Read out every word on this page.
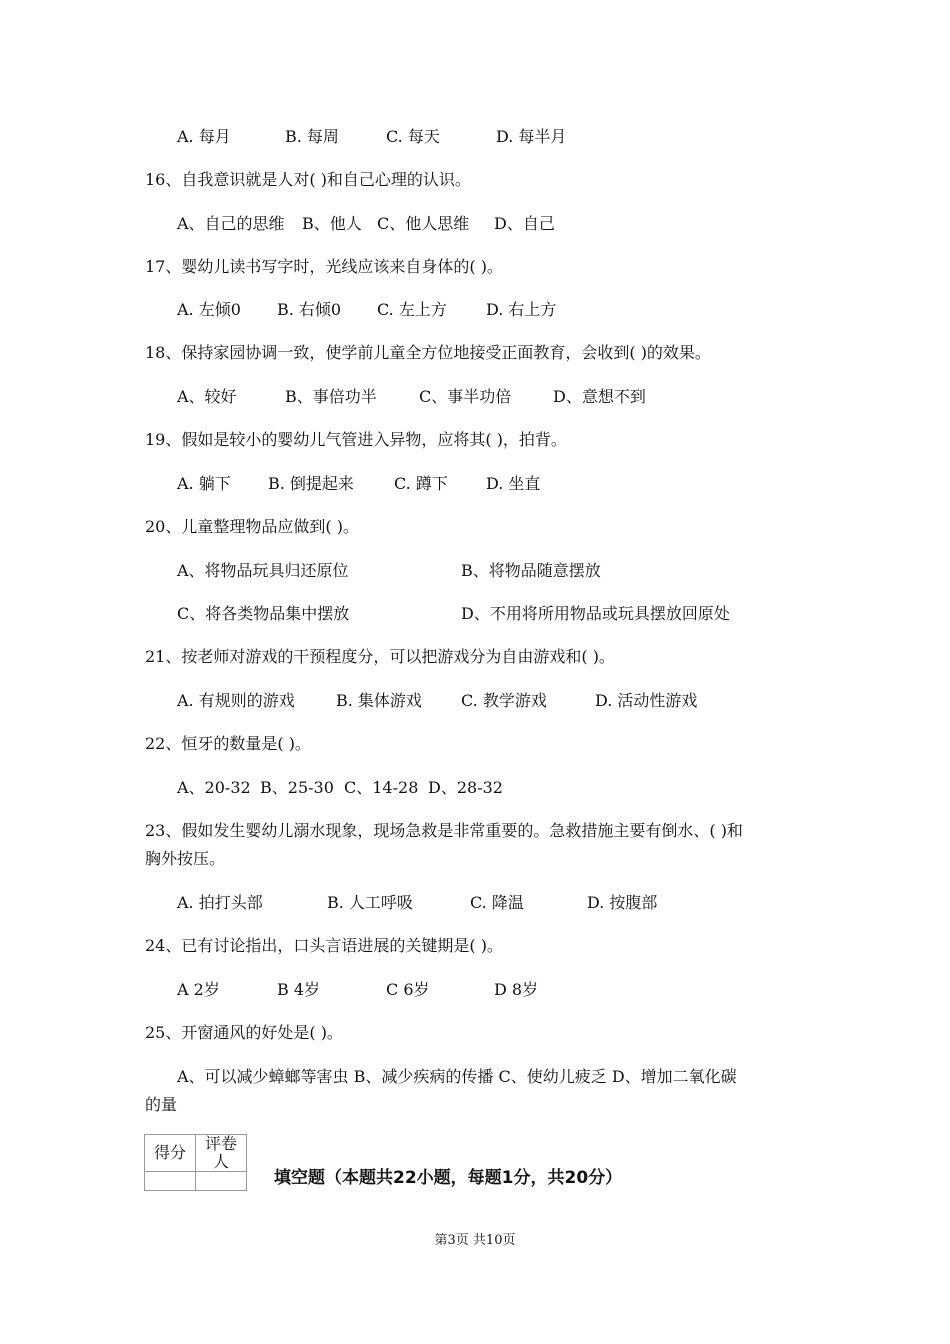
A. 每月	B. 每周	C. 每天	D. 每半月
16、自我意识就是人对( )和自己心理的认识。
A、自己的思维 B、他人 C、他人思维 D、自己
17、婴幼儿读书写字时，光线应该来自身体的( )。
A. 左倾0 B. 右倾0 C. 左上方 D. 右上方
18、保持家园协调一致，使学前儿童全方位地接受正面教育，会收到( )的效果。
A、较好	B、事倍功半	C、事半功倍	D、意想不到
19、假如是较小的婴幼儿气管进入异物，应将其( )，拍背。
A. 躺下 B. 倒提起来	C. 蹲下 D. 坐直
20、儿童整理物品应做到( )。
A、将物品玩具归还原位	B、将物品随意摆放
C、将各类物品集中摆放	D、不用将所用物品或玩具摆放回原处
21、按老师对游戏的干预程度分，可以把游戏分为自由游戏和( )。
A. 有规则的游戏	B. 集体游戏 C. 教学游戏	D. 活动性游戏
22、恒牙的数量是( )。
A、20-32 B、25-30 C、14-28 D、28-32
23、假如发生婴幼儿溺水现象，现场急救是非常重要的。急救措施主要有倒水、( )和
胸外按压。
A. 拍打头部	B. 人工呼吸	C. 降温	D. 按腹部
24、已有讨论指出，口头言语进展的关键期是( )。
A 2岁	B 4岁	C 6岁	D 8岁
25、开窗通风的好处是( )。
A、可以减少蟑螂等害虫 B、减少疾病的传播 C、使幼儿疲乏 D、增加二氧化碳
的量
得分	评卷人

填空题（本题共22小题，每题1分，共20分）
第3页 共10页
